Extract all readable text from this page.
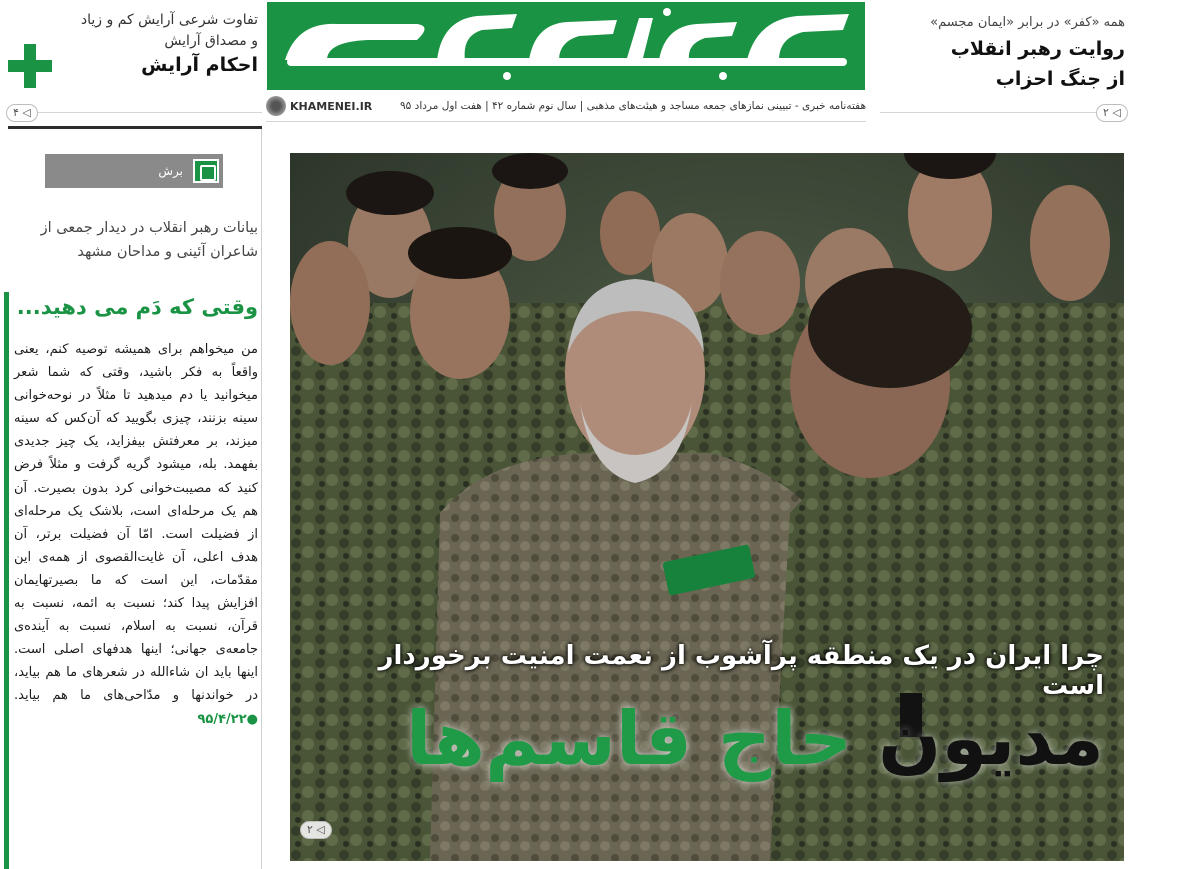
هفته‌نامه خبری - تبیینی نمازهای جمعه مساجد و هیئت‌های مذهبی | سال نوم شماره ۴۲ | هفت اول مرداد ۹۵
KHAMENEI.IR
تفاوت شرعی آرایش کم و زیاد
و مصداق آرایش
احکام آرایش
◁ ۴
همه «کفر» در برابر «ایمان مجسم»
روایت رهبر انقلاب
از جنگ احزاب
◁ ۲
برش
بیانات رهبر انقلاب در دیدار جمعی از شاعران آئینی و مداحان مشهد
وقتی که دَم می دهید...
من میخواهم برای همیشه توصیه کنم، یعنی واقعاً به فکر باشید، وقتی که شما شعر میخوانید یا دم میدهید تا مثلاً در نوحه‌خوانی سینه بزنند، چیزی بگویید که آن‌کس که سینه میزند، بر معرفتش بیفزاید، یک چیز جدیدی بفهمد. بله، میشود گریه گرفت و مثلاً فرض کنید که مصیبت‌خوانی کرد بدون بصیرت. آن هم یک مرحله‌ای است، بلاشک یک مرحله‌ای از فضیلت است. امّا آن فضیلت برتر، آن هدف اعلی، آن غایت‌القصوی از همه‌ی این مقدّمات، این است که ما بصیر‌تهایمان افزایش پیدا کند؛ نسبت به ائمه، نسبت به قرآن، نسبت به اسلام، نسبت به آینده‌ی جامعه‌ی جهانی؛ اینها هدفهای اصلی است. اینها باید ان شاءالله در شعرهای ما هم بیاید، در خواندنها و مدّاحی‌های ما هم بیاید. ●۹۵/۴/۲۲
چرا ایران در یک منطقه پرآشوب از نعمت امنیت برخوردار است
مدیون حاج قاسم‌ها
◁ ۲
